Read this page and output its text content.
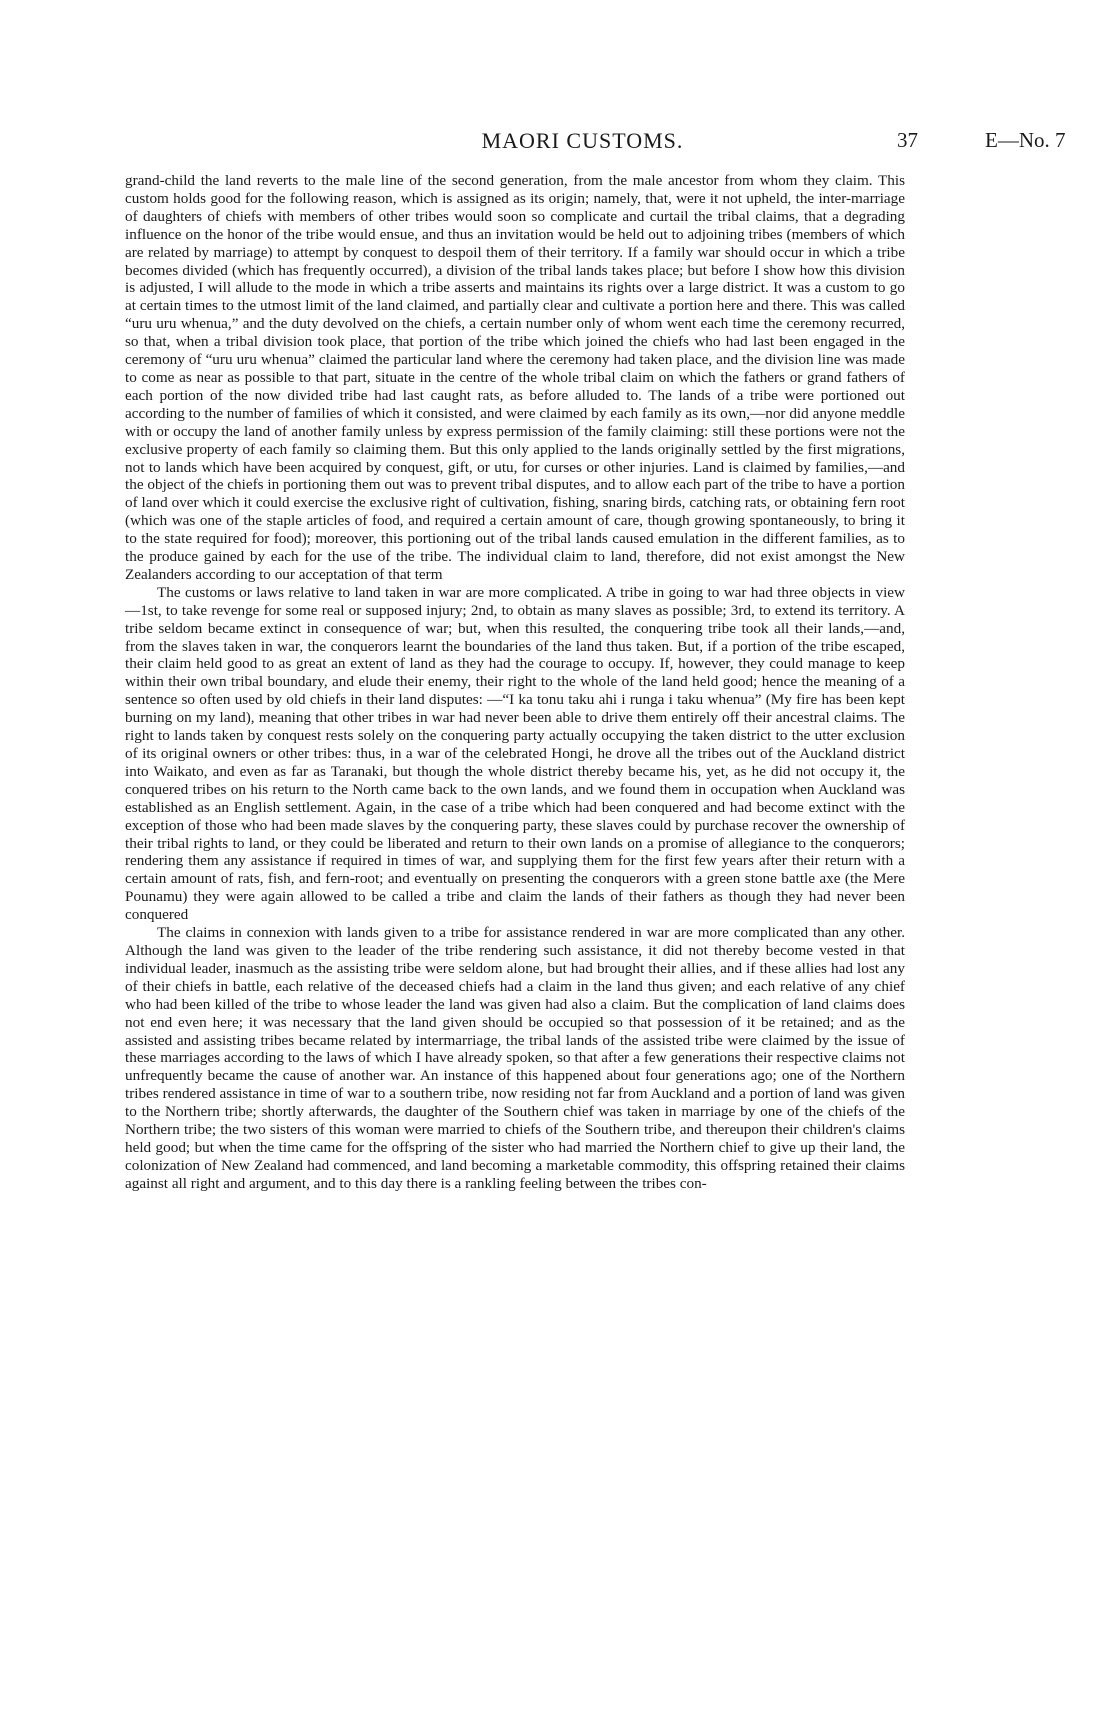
MAORI CUSTOMS.	37	E—No. 7

grand-child the land reverts to the male line of the second generation, from the male ancestor from whom they claim. This custom holds good for the following reason, which is assigned as its origin; namely, that, were it not upheld, the inter-marriage of daughters of chiefs with members of other tribes would soon so complicate and curtail the tribal claims, that a degrading influence on the honor of the tribe would ensue, and thus an invitation would be held out to adjoining tribes (members of which are related by marriage) to attempt by conquest to despoil them of their territory. If a family war should occur in which a tribe becomes divided (which has frequently occurred), a division of the tribal lands takes place; but before I show how this division is adjusted, I will allude to the mode in which a tribe asserts and maintains its rights over a large district. It was a custom to go at certain times to the utmost limit of the land claimed, and partially clear and cultivate a portion here and there. This was called “uru uru whenua,” and the duty devolved on the chiefs, a certain number only of whom went each time the ceremony recurred, so that, when a tribal division took place, that portion of the tribe which joined the chiefs who had last been engaged in the ceremony of “uru uru whenua” claimed the particular land where the ceremony had taken place, and the division line was made to come as near as possible to that part, situate in the centre of the whole tribal claim on which the fathers or grand fathers of each portion of the now divided tribe had last caught rats, as before alluded to. The lands of a tribe were portioned out according to the number of families of which it consisted, and were claimed by each family as its own,—nor did anyone meddle with or occupy the land of another family unless by express permission of the family claiming: still these portions were not the exclusive property of each family so claiming them. But this only applied to the lands originally settled by the first migrations, not to lands which have been acquired by conquest, gift, or utu, for curses or other injuries. Land is claimed by families,—and the object of the chiefs in portioning them out was to prevent tribal disputes, and to allow each part of the tribe to have a portion of land over which it could exercise the exclusive right of cultivation, fishing, snaring birds, catching rats, or obtaining fern root (which was one of the staple articles of food, and required a certain amount of care, though growing spontaneously, to bring it to the state required for food); moreover, this portioning out of the tribal lands caused emulation in the different families, as to the produce gained by each for the use of the tribe. The individual claim to land, therefore, did not exist amongst the New Zealanders according to our acceptation of that term

The customs or laws relative to land taken in war are more complicated. A tribe in going to war had three objects in view—1st, to take revenge for some real or supposed injury; 2nd, to obtain as many slaves as possible; 3rd, to extend its territory. A tribe seldom became extinct in consequence of war; but, when this resulted, the conquering tribe took all their lands,—and, from the slaves taken in war, the conquerors learnt the boundaries of the land thus taken. But, if a portion of the tribe escaped, their claim held good to as great an extent of land as they had the courage to occupy. If, however, they could manage to keep within their own tribal boundary, and elude their enemy, their right to the whole of the land held good; hence the meaning of a sentence so often used by old chiefs in their land disputes: —“I ka tonu taku ahi i runga i taku whenua” (My fire has been kept burning on my land), meaning that other tribes in war had never been able to drive them entirely off their ancestral claims. The right to lands taken by conquest rests solely on the conquering party actually occupying the taken district to the utter exclusion of its original owners or other tribes: thus, in a war of the celebrated Hongi, he drove all the tribes out of the Auckland district into Waikato, and even as far as Taranaki, but though the whole district thereby became his, yet, as he did not occupy it, the conquered tribes on his return to the North came back to the own lands, and we found them in occupation when Auckland was established as an English settlement. Again, in the case of a tribe which had been conquered and had become extinct with the exception of those who had been made slaves by the conquering party, these slaves could by purchase recover the ownership of their tribal rights to land, or they could be liberated and return to their own lands on a promise of allegiance to the conquerors; rendering them any assistance if required in times of war, and supplying them for the first few years after their return with a certain amount of rats, fish, and fern-root; and eventually on presenting the conquerors with a green stone battle axe (the Mere Pounamu) they were again allowed to be called a tribe and claim the lands of their fathers as though they had never been conquered

The claims in connexion with lands given to a tribe for assistance rendered in war are more complicated than any other. Although the land was given to the leader of the tribe rendering such assistance, it did not thereby become vested in that individual leader, inasmuch as the assisting tribe were seldom alone, but had brought their allies, and if these allies had lost any of their chiefs in battle, each relative of the deceased chiefs had a claim in the land thus given; and each relative of any chief who had been killed of the tribe to whose leader the land was given had also a claim. But the complication of land claims does not end even here; it was necessary that the land given should be occupied so that possession of it be retained; and as the assisted and assisting tribes became related by intermarriage, the tribal lands of the assisted tribe were claimed by the issue of these marriages according to the laws of which I have already spoken, so that after a few generations their respective claims not unfrequently became the cause of another war. An instance of this happened about four generations ago; one of the Northern tribes rendered assistance in time of war to a southern tribe, now residing not far from Auckland and a portion of land was given to the Northern tribe; shortly afterwards, the daughter of the Southern chief was taken in marriage by one of the chiefs of the Northern tribe; the two sisters of this woman were married to chiefs of the Southern tribe, and thereupon their children's claims held good; but when the time came for the offspring of the sister who had married the Northern chief to give up their land, the colonization of New Zealand had commenced, and land becoming a marketable commodity, this offspring retained their claims against all right and argument, and to this day there is a rankling feeling between the tribes con-
